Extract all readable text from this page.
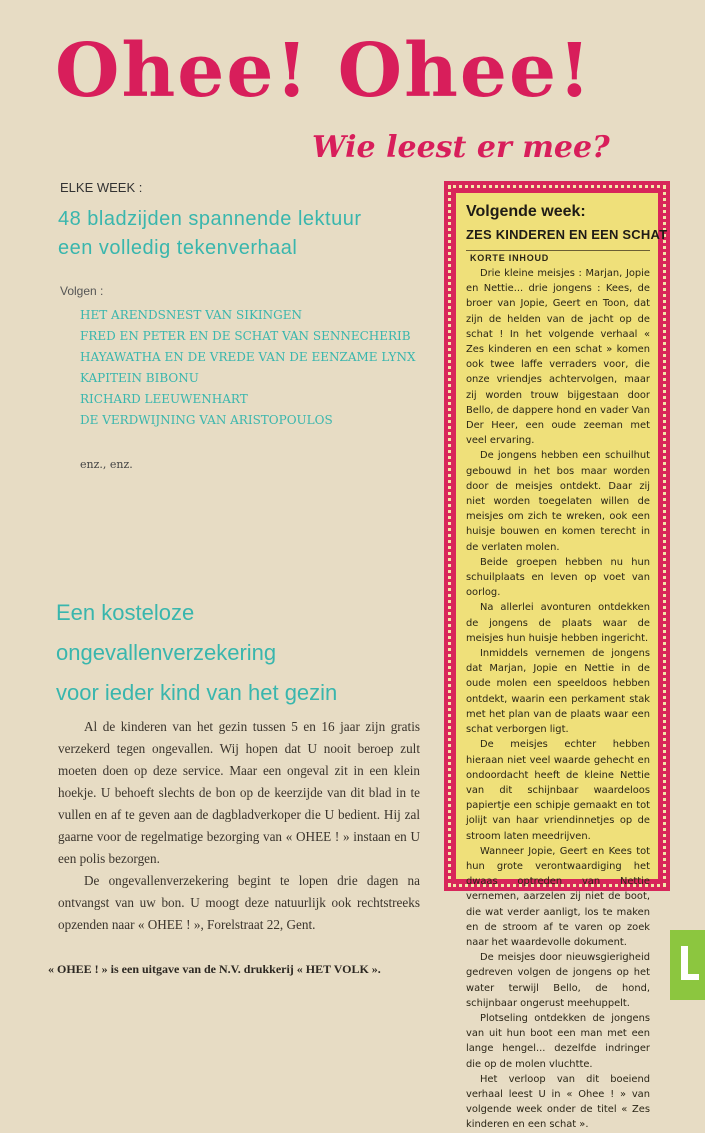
Ohee! Ohee!
Wie leest er mee?
ELKE WEEK :
48 bladzijden spannende lektuur
een volledig tekenverhaal
Volgen :
HET ARENDSNEST VAN SIKINGEN
FRED EN PETER EN DE SCHAT VAN SENNECHERIB
HAYAWATHA EN DE VREDE VAN DE EENZAME LYNX
KAPITEIN BIBONU
RICHARD LEEUWENHART
DE VERDWIJNING VAN ARISTOPOULOS
enz., enz.
Een kosteloze
ongevallenverzekering
voor ieder kind van het gezin

Al de kinderen van het gezin tussen 5 en 16 jaar zijn gratis verzekerd tegen ongevallen. Wij hopen dat U nooit beroep zult moeten doen op deze service. Maar een ongeval zit in een klein hoekje. U behoeft slechts de bon op de keerzijde van dit blad in te vullen en af te geven aan de dagbladverkoper die U bedient. Hij zal gaarne voor de regelmatige bezorging van « OHEE ! » instaan en U een polis bezorgen.

De ongevallenverzekering begint te lopen drie dagen na ontvangst van uw bon. U moogt deze natuurlijk ook rechtstreeks opzenden naar « OHEE ! », Forelstraat 22, Gent.

« OHEE ! » is een uitgave van de N.V. drukkerij « HET VOLK ».
Volgende week:
ZES KINDEREN EN EEN SCHAT
KORTE INHOUD

Drie kleine meisjes : Marjan, Jopie en Nettie... drie jongens : Kees, de broer van Jopie, Geert en Toon, dat zijn de helden van de jacht op de schat ! In het volgende verhaal « Zes kinderen en een schat » komen ook twee laffe verraders voor, die onze vriendjes achtervolgen, maar zij worden trouw bijgestaan door Bello, de dappere hond en vader Van Der Heer, een oude zeeman met veel ervaring.

De jongens hebben een schuilhut gebouwd in het bos maar worden door de meisjes ontdekt. Daar zij niet worden toegelaten willen de meisjes om zich te wreken, ook een huisje bouwen en komen terecht in de verlaten molen.

Beide groepen hebben nu hun schuilplaats en leven op voet van oorlog.

Na allerlei avonturen ontdekken de jongens de plaats waar de meisjes hun huisje hebben ingericht.

Inmiddels vernemen de jongens dat Marjan, Jopie en Nettie in de oude molen een speeldoos hebben ontdekt, waarin een perkament stak met het plan van de plaats waar een schat verborgen ligt.

De meisjes echter hebben hieraan niet veel waarde gehecht en ondoordacht heeft de kleine Nettie van dit schijnbaar waardeloos papiertje een schipje gemaakt en tot jolijt van haar vriendinnetjes op de stroom laten meedrijven.

Wanneer Jopie, Geert en Kees tot hun grote verontwaardiging het dwaas optreden van Nettie vernemen, aarzelen zij niet de boot, die wat verder aanligt, los te maken en de stroom af te varen op zoek naar het waardevolle dokument.

De meisjes door nieuwsgierigheid gedreven volgen de jongens op het water terwijl Bello, de hond, schijnbaar ongerust meehuppelt.

Plotseling ontdekken de jongens van uit hun boot een man met een lange hengel... dezelfde indringer die op de molen vluchtte.

Het verloop van dit boeiend verhaal leest U in « Ohee ! » van volgende week onder de titel « Zes kinderen en een schat ».
